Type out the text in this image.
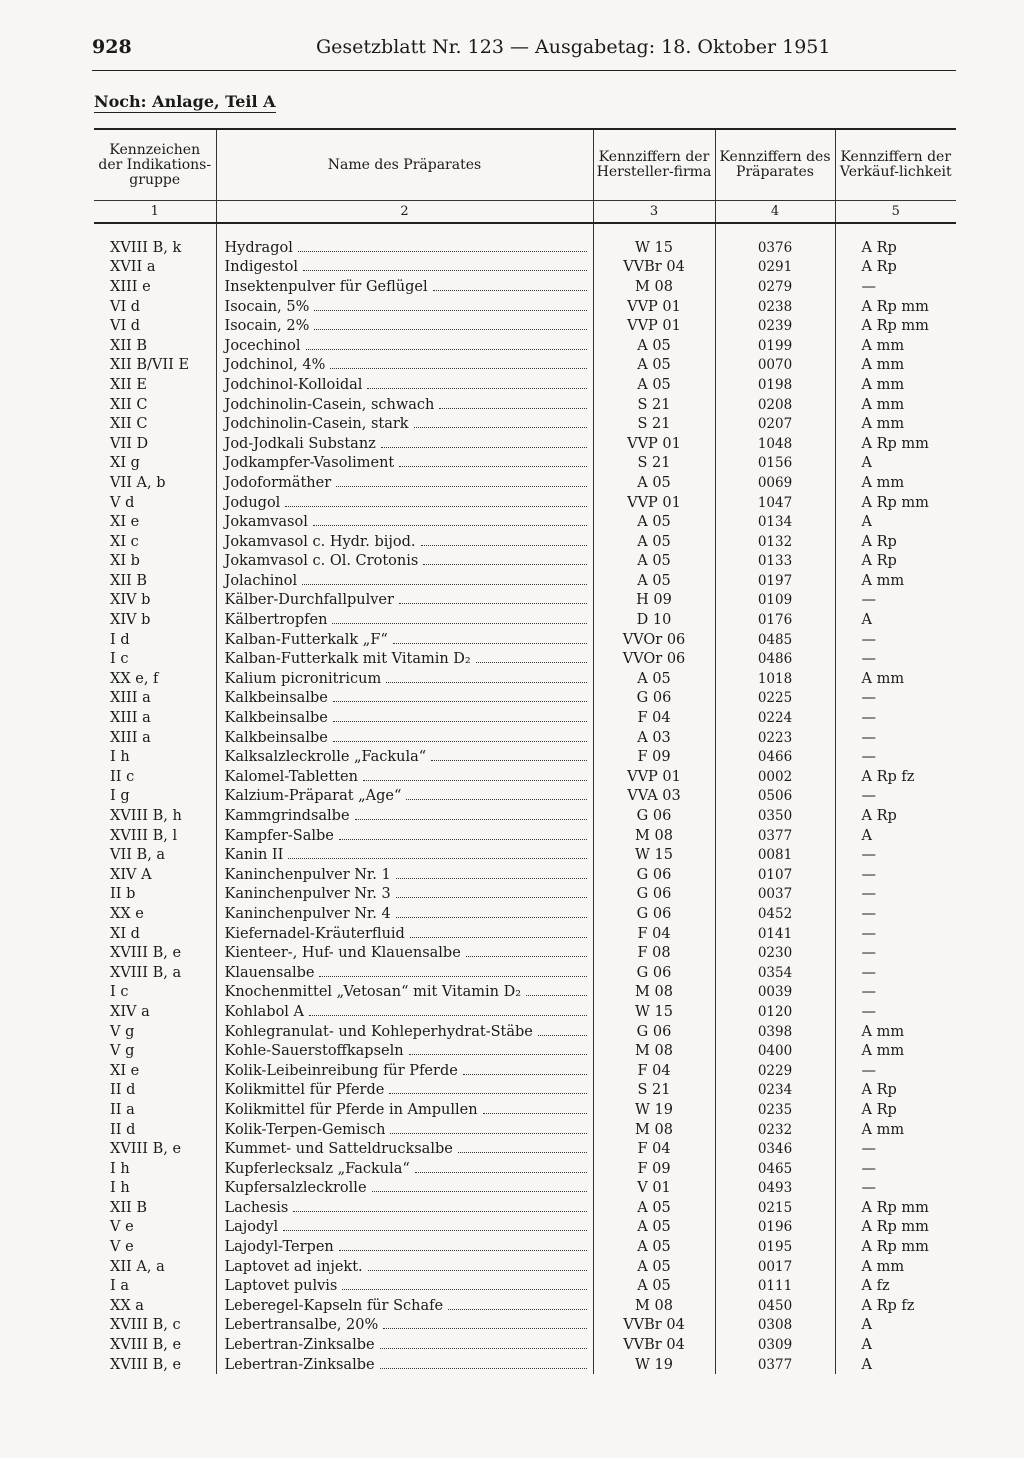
928	Gesetzblatt Nr. 123 — Ausgabetag: 18. Oktober 1951
Noch: Anlage, Teil A
Kennzeichen der Indikations-gruppe	Name des Präparates	Kennziffern der Hersteller-firma	Kennziffern des Präparates	Kennziffern der Verkäuf-lichkeit
1	2	3	4	5

XVIII B, k	Hydragol	W 15	0376	A Rp
XVII a	Indigestol	VVBr 04	0291	A Rp
XIII e	Insektenpulver für Geflügel	M 08	0279	—
VI d	Isocain, 5%	VVP 01	0238	A Rp mm
VI d	Isocain, 2%	VVP 01	0239	A Rp mm
XII B	Jocechinol	A 05	0199	A mm
XII B/VII E	Jodchinol, 4%	A 05	0070	A mm
XII E	Jodchinol-Kolloidal	A 05	0198	A mm
XII C	Jodchinolin-Casein, schwach	S 21	0208	A mm
XII C	Jodchinolin-Casein, stark	S 21	0207	A mm
VII D	Jod-Jodkali Substanz	VVP 01	1048	A Rp mm
XI g	Jodkampfer-Vasoliment	S 21	0156	A
VII A, b	Jodoformäther	A 05	0069	A mm
V d	Jodugol	VVP 01	1047	A Rp mm
XI e	Jokamvasol	A 05	0134	A
XI c	Jokamvasol c. Hydr. bijod.	A 05	0132	A Rp
XI b	Jokamvasol c. Ol. Crotonis	A 05	0133	A Rp
XII B	Jolachinol	A 05	0197	A mm
XIV b	Kälber-Durchfallpulver	H 09	0109	—
XIV b	Kälbertropfen	D 10	0176	A
I d	Kalban-Futterkalk „F“	VVOr 06	0485	—
I c	Kalban-Futterkalk mit Vitamin D₂	VVOr 06	0486	—
XX e, f	Kalium picronitricum	A 05	1018	A mm
XIII a	Kalkbeinsalbe	G 06	0225	—
XIII a	Kalkbeinsalbe	F 04	0224	—
XIII a	Kalkbeinsalbe	A 03	0223	—
I h	Kalksalzleckrolle „Fackula“	F 09	0466	—
II c	Kalomel-Tabletten	VVP 01	0002	A Rp fz
I g	Kalzium-Präparat „Age“	VVA 03	0506	—
XVIII B, h	Kammgrindsalbe	G 06	0350	A Rp
XVIII B, l	Kampfer-Salbe	M 08	0377	A
VII B, a	Kanin II	W 15	0081	—
XIV A	Kaninchenpulver Nr. 1	G 06	0107	—
II b	Kaninchenpulver Nr. 3	G 06	0037	—
XX e	Kaninchenpulver Nr. 4	G 06	0452	—
XI d	Kiefernadel-Kräuterfluid	F 04	0141	—
XVIII B, e	Kienteer-, Huf- und Klauensalbe	F 08	0230	—
XVIII B, a	Klauensalbe	G 06	0354	—
I c	Knochenmittel „Vetosan“ mit Vitamin D₂	M 08	0039	—
XIV a	Kohlabol A	W 15	0120	—
V g	Kohlegranulat- und Kohleperhydrat-Stäbe	G 06	0398	A mm
V g	Kohle-Sauerstoffkapseln	M 08	0400	A mm
XI e	Kolik-Leibeinreibung für Pferde	F 04	0229	—
II d	Kolikmittel für Pferde	S 21	0234	A Rp
II a	Kolikmittel für Pferde in Ampullen	W 19	0235	A Rp
II d	Kolik-Terpen-Gemisch	M 08	0232	A mm
XVIII B, e	Kummet- und Satteldrucksalbe	F 04	0346	—
I h	Kupferlecksalz „Fackula“	F 09	0465	—
I h	Kupfersalzleckrolle	V 01	0493	—
XII B	Lachesis	A 05	0215	A Rp mm
V e	Lajodyl	A 05	0196	A Rp mm
V e	Lajodyl-Terpen	A 05	0195	A Rp mm
XII A, a	Laptovet ad injekt.	A 05	0017	A mm
I a	Laptovet pulvis	A 05	0111	A fz
XX a	Leberegel-Kapseln für Schafe	M 08	0450	A Rp fz
XVIII B, c	Lebertransalbe, 20%	VVBr 04	0308	A
XVIII B, e	Lebertran-Zinksalbe	VVBr 04	0309	A
XVIII B, e	Lebertran-Zinksalbe	W 19	0377	A
